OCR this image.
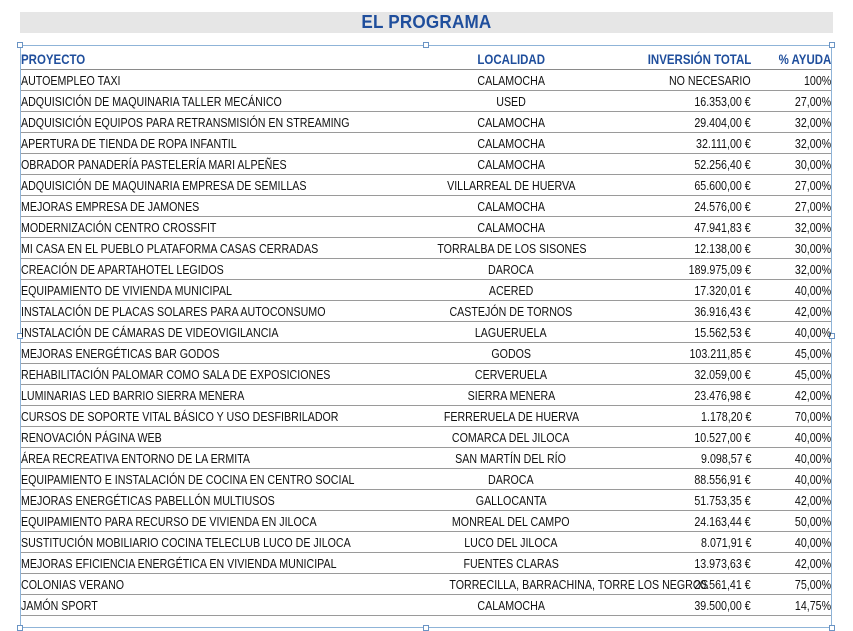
EL PROGRAMA
PROYECTO	LOCALIDAD	INVERSIÓN TOTAL	% AYUDA
AUTOEMPLEO TAXI	CALAMOCHA	NO NECESARIO	100%
ADQUISICIÓN DE MAQUINARIA TALLER MECÁNICO	USED	16.353,00 €	27,00%
ADQUISICIÓN EQUIPOS PARA RETRANSMISIÓN EN STREAMING	CALAMOCHA	29.404,00 €	32,00%
APERTURA DE TIENDA DE ROPA INFANTIL	CALAMOCHA	32.111,00 €	32,00%
OBRADOR PANADERÍA PASTELERÍA MARI ALPEÑES	CALAMOCHA	52.256,40 €	30,00%
ADQUISICIÓN DE MAQUINARIA EMPRESA DE SEMILLAS	VILLARREAL DE HUERVA	65.600,00 €	27,00%
MEJORAS EMPRESA DE JAMONES	CALAMOCHA	24.576,00 €	27,00%
MODERNIZACIÓN CENTRO CROSSFIT	CALAMOCHA	47.941,83 €	32,00%
MI CASA EN EL PUEBLO PLATAFORMA CASAS CERRADAS	TORRALBA DE LOS SISONES	12.138,00 €	30,00%
CREACIÓN DE APARTAHOTEL LEGIDOS	DAROCA	189.975,09 €	32,00%
EQUIPAMIENTO DE VIVIENDA MUNICIPAL	ACERED	17.320,01 €	40,00%
INSTALACIÓN DE PLACAS SOLARES PARA AUTOCONSUMO	CASTEJÓN DE TORNOS	36.916,43 €	42,00%
INSTALACIÓN DE CÁMARAS DE VIDEOVIGILANCIA	LAGUERUELA	15.562,53 €	40,00%
MEJORAS ENERGÉTICAS BAR GODOS	GODOS	103.211,85 €	45,00%
REHABILITACIÓN PALOMAR COMO SALA DE EXPOSICIONES	CERVERUELA	32.059,00 €	45,00%
LUMINARIAS LED BARRIO SIERRA MENERA	SIERRA MENERA	23.476,98 €	42,00%
CURSOS DE SOPORTE VITAL BÁSICO Y USO DESFIBRILADOR	FERRERUELA DE HUERVA	1.178,20 €	70,00%
RENOVACIÓN PÁGINA WEB	COMARCA DEL JILOCA	10.527,00 €	40,00%
ÁREA RECREATIVA ENTORNO DE LA ERMITA	SAN MARTÍN DEL RÍO	9.098,57 €	40,00%
EQUIPAMIENTO E INSTALACIÓN DE COCINA EN CENTRO SOCIAL	DAROCA	88.556,91 €	40,00%
MEJORAS ENERGÉTICAS PABELLÓN MULTIUSOS	GALLOCANTA	51.753,35 €	42,00%
EQUIPAMIENTO PARA RECURSO DE VIVIENDA EN JILOCA	MONREAL DEL CAMPO	24.163,44 €	50,00%
SUSTITUCIÓN MOBILIARIO COCINA TELECLUB LUCO DE JILOCA	LUCO DEL JILOCA	8.071,91 €	40,00%
MEJORAS EFICIENCIA ENERGÉTICA EN VIVIENDA MUNICIPAL	FUENTES CLARAS	13.973,63 €	42,00%
COLONIAS VERANO	TORRECILLA, BARRACHINA, TORRE LOS NEGROS	20.561,41 €	75,00%
JAMÓN SPORT	CALAMOCHA	39.500,00 €	14,75%
